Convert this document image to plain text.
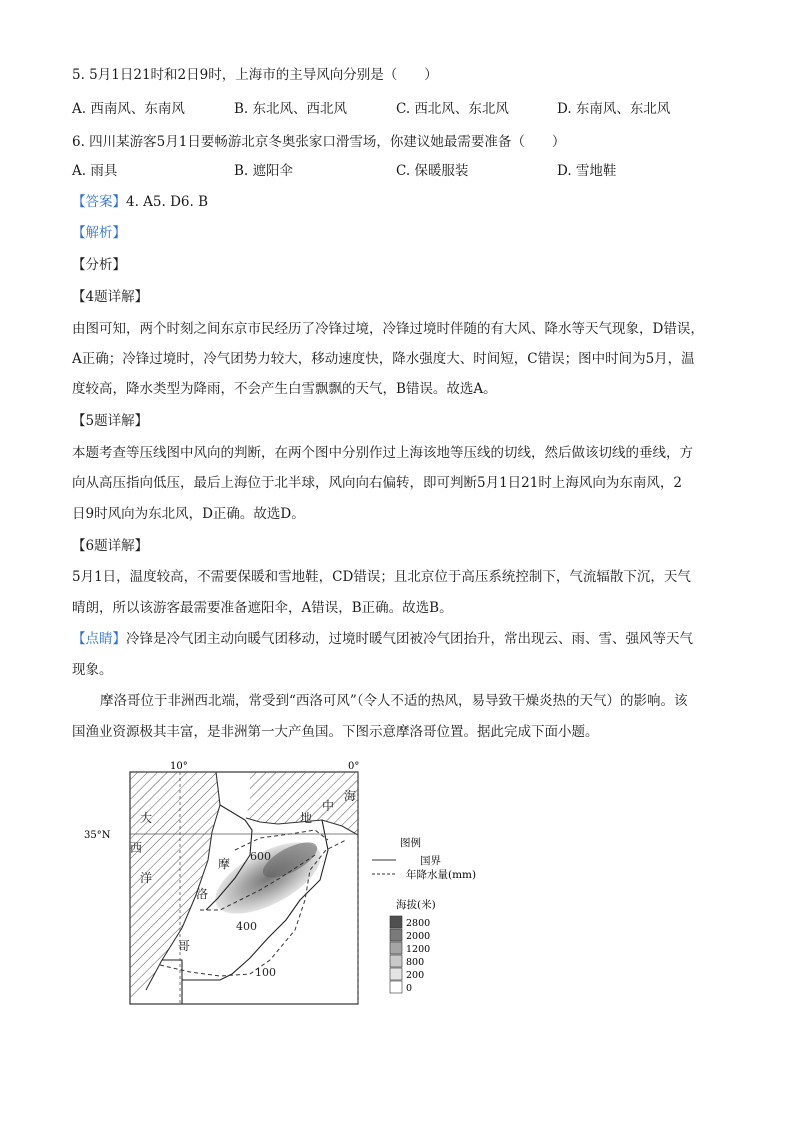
5. 5月1日21时和2日9时，上海市的主导风向分别是（　　）
A. 西南风、东南风	B. 东北风、西北风	C. 西北风、东北风	D. 东南风、东北风
6. 四川某游客5月1日要畅游北京冬奥张家口滑雪场，你建议她最需要准备（　　）
A. 雨具	B. 遮阳伞	C. 保暖服装	D. 雪地鞋
【答案】4. A5. D6. B
【解析】
【分析】
【4题详解】
由图可知，两个时刻之间东京市民经历了冷锋过境，冷锋过境时伴随的有大风、降水等天气现象，D错误，
A正确；冷锋过境时，冷气团势力较大，移动速度快，降水强度大、时间短，C错误；图中时间为5月，温
度较高，降水类型为降雨，不会产生白雪飘飘的天气，B错误。故选A。
【5题详解】
本题考查等压线图中风向的判断，在两个图中分别作过上海该地等压线的切线，然后做该切线的垂线，方
向从高压指向低压，最后上海位于北半球，风向向右偏转，即可判断5月1日21时上海风向为东南风，2
日9时风向为东北风，D正确。故选D。
【6题详解】
5月1日，温度较高，不需要保暖和雪地鞋，CD错误；且北京位于高压系统控制下，气流辐散下沉，天气
晴朗，所以该游客最需要准备遮阳伞，A错误，B正确。故选B。
【点睛】冷锋是冷气团主动向暖气团移动，过境时暖气团被冷气团抬升，常出现云、雨、雪、强风等天气
现象。
摩洛哥位于非洲西北端，常受到“西洛可风”（令人不适的热风，易导致干燥炎热的天气）的影响。该
国渔业资源极其丰富，是非洲第一大产鱼国。下图示意摩洛哥位置。据此完成下面小题。
10°	0°
35°N
大
西
洋
地
中
海
摩
洛
哥
600
400
100
图例
国界
年降水量(mm)
海拔(米)
2800
2000
1200
800
200
0
